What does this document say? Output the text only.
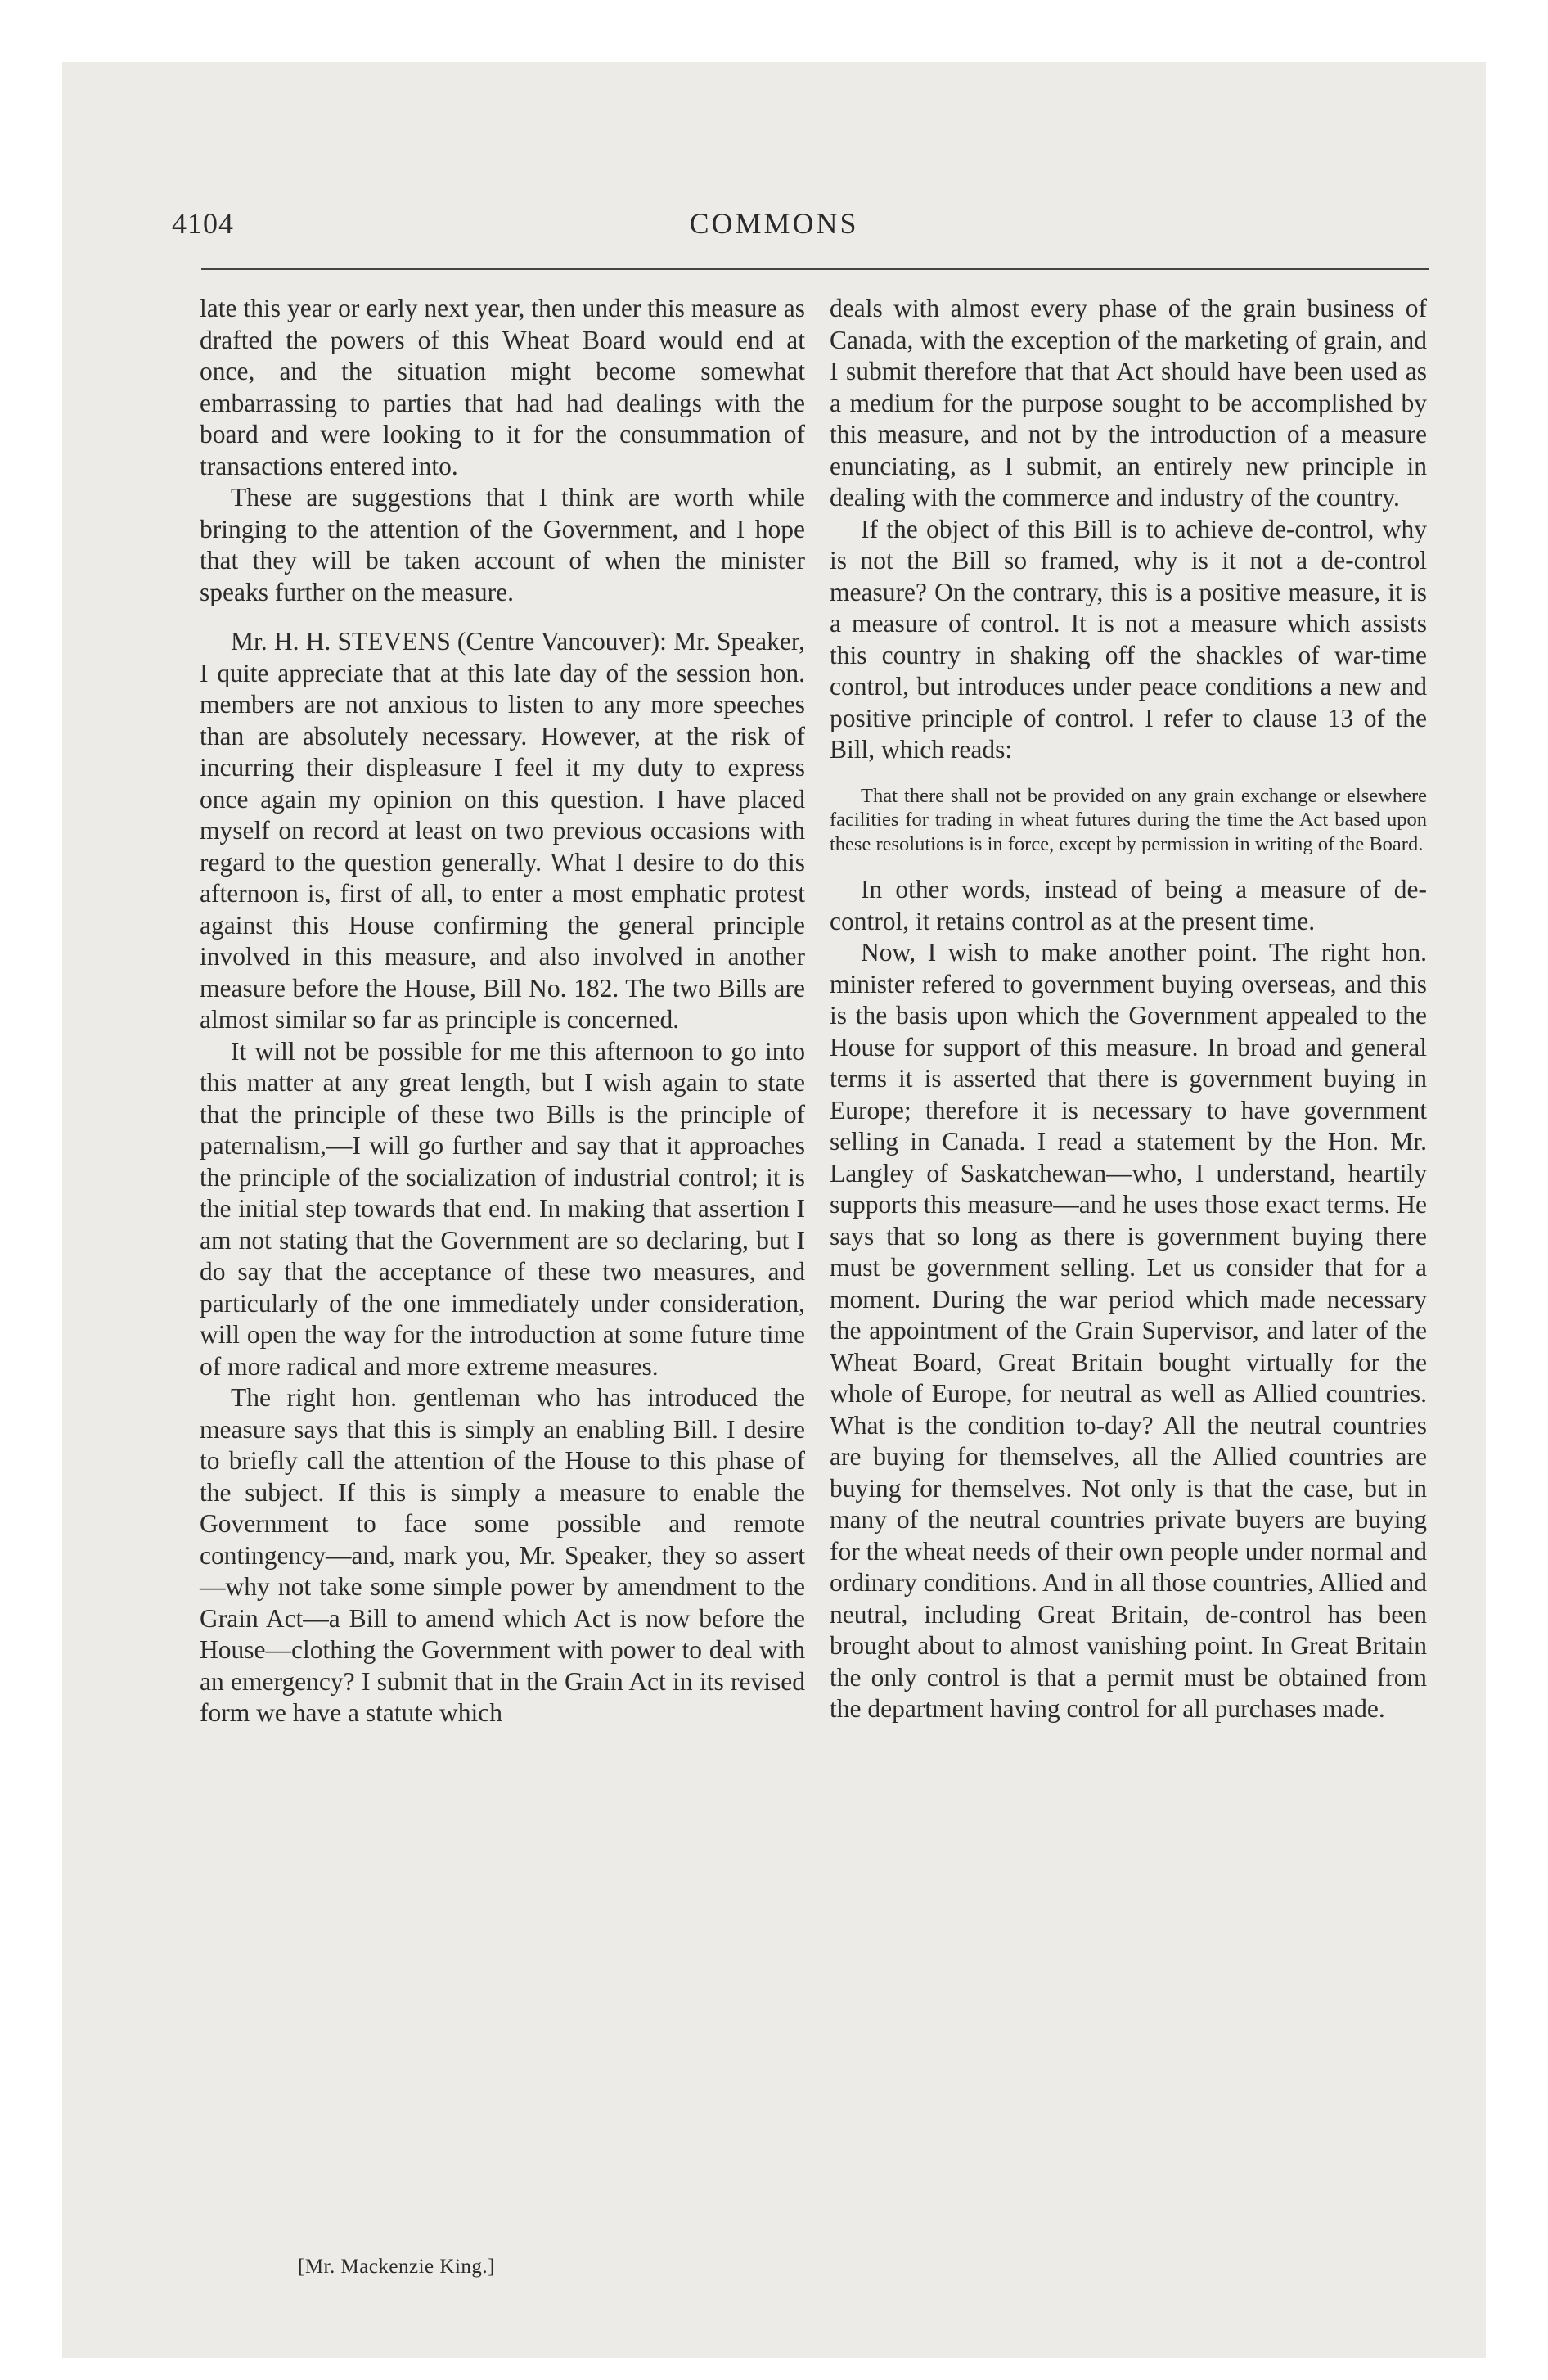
4104	COMMONS

late this year or early next year, then under this measure as drafted the powers of this Wheat Board would end at once, and the situation might become somewhat embarrassing to parties that had had dealings with the board and were looking to it for the consummation of transactions entered into.

These are suggestions that I think are worth while bringing to the attention of the Government, and I hope that they will be taken account of when the minister speaks further on the measure.

Mr. H. H. STEVENS (Centre Vancouver): Mr. Speaker, I quite appreciate that at this late day of the session hon. members are not anxious to listen to any more speeches than are absolutely necessary. However, at the risk of incurring their displeasure I feel it my duty to express once again my opinion on this question. I have placed myself on record at least on two previous occasions with regard to the question generally. What I desire to do this afternoon is, first of all, to enter a most emphatic protest against this House confirming the general principle involved in this measure, and also involved in another measure before the House, Bill No. 182. The two Bills are almost similar so far as principle is concerned.

It will not be possible for me this afternoon to go into this matter at any great length, but I wish again to state that the principle of these two Bills is the principle of paternalism,—I will go further and say that it approaches the principle of the socialization of industrial control; it is the initial step towards that end. In making that assertion I am not stating that the Government are so declaring, but I do say that the acceptance of these two measures, and particularly of the one immediately under consideration, will open the way for the introduction at some future time of more radical and more extreme measures.

The right hon. gentleman who has introduced the measure says that this is simply an enabling Bill. I desire to briefly call the attention of the House to this phase of the subject. If this is simply a measure to enable the Government to face some possible and remote contingency—and, mark you, Mr. Speaker, they so assert—why not take some simple power by amendment to the Grain Act—a Bill to amend which Act is now before the House—clothing the Government with power to deal with an emergency? I submit that in the Grain Act in its revised form we have a statute which

deals with almost every phase of the grain business of Canada, with the exception of the marketing of grain, and I submit therefore that that Act should have been used as a medium for the purpose sought to be accomplished by this measure, and not by the introduction of a measure enunciating, as I submit, an entirely new principle in dealing with the commerce and industry of the country.

If the object of this Bill is to achieve de-control, why is not the Bill so framed, why is it not a de-control measure? On the contrary, this is a positive measure, it is a measure of control. It is not a measure which assists this country in shaking off the shackles of war-time control, but introduces under peace conditions a new and positive principle of control. I refer to clause 13 of the Bill, which reads:

That there shall not be provided on any grain exchange or elsewhere facilities for trading in wheat futures during the time the Act based upon these resolutions is in force, except by permission in writing of the Board.

In other words, instead of being a measure of de-control, it retains control as at the present time.

Now, I wish to make another point. The right hon. minister refered to government buying overseas, and this is the basis upon which the Government appealed to the House for support of this measure. In broad and general terms it is asserted that there is government buying in Europe; therefore it is necessary to have government selling in Canada. I read a statement by the Hon. Mr. Langley of Saskatchewan—who, I understand, heartily supports this measure—and he uses those exact terms. He says that so long as there is government buying there must be government selling. Let us consider that for a moment. During the war period which made necessary the appointment of the Grain Supervisor, and later of the Wheat Board, Great Britain bought virtually for the whole of Europe, for neutral as well as Allied countries. What is the condition to-day? All the neutral countries are buying for themselves, all the Allied countries are buying for themselves. Not only is that the case, but in many of the neutral countries private buyers are buying for the wheat needs of their own people under normal and ordinary conditions. And in all those countries, Allied and neutral, including Great Britain, de-control has been brought about to almost vanishing point. In Great Britain the only control is that a permit must be obtained from the department having control for all purchases made.

[Mr. Mackenzie King.]
